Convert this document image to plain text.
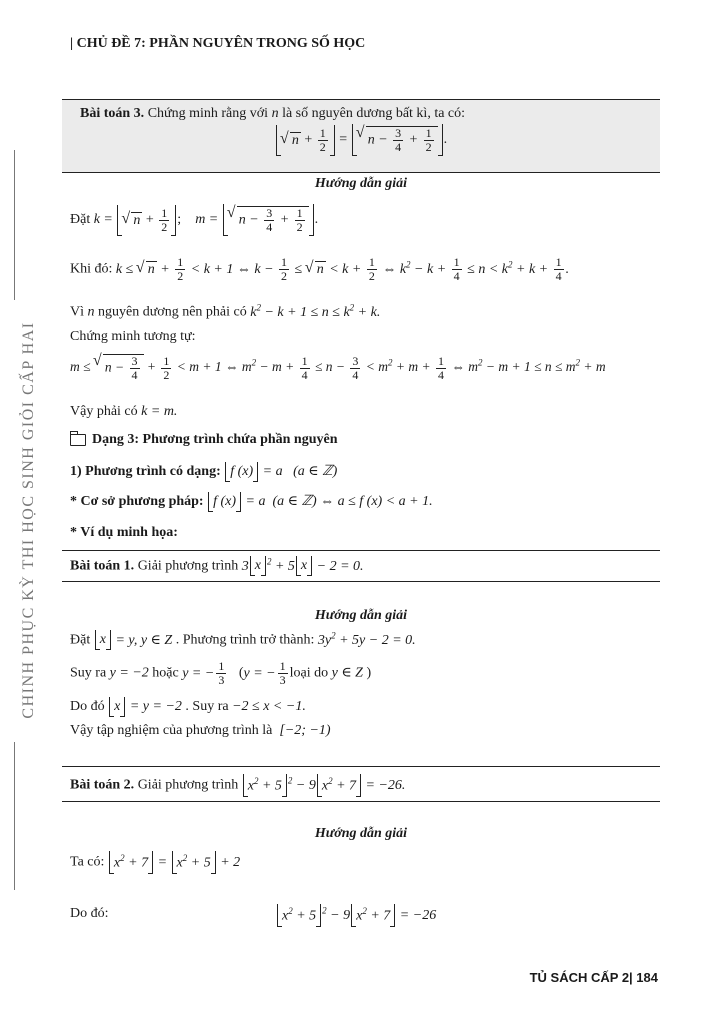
| CHỦ ĐỀ 7: PHẦN NGUYÊN TRONG SỐ HỌC
CHINH PHỤC KỲ THI HỌC SINH GIỎI CẤP HAI
Bài toán 3. Chứng minh rằng với n là số nguyên dương bất kì, ta có:
√ $n + \frac{1}{2}$ = √ $n - \frac{3}{4} + \frac{1}{2}$ .
Hướng dẫn giải
Đặt k = √ $n + \frac{1}{2}$ ;    m = √ $n - \frac{3}{4} + \frac{1}{2}$ .
Khi đó: k ≤ √ $n + \frac{1}{2} < k + 1$ ⇔ $k - \frac{1}{2}$ ≤ √ $n < k + \frac{1}{2}$ ⇔ $k^2 - k + \frac{1}{4} \le n < k^2 + k + \frac{1}{4}$ .
Vì n nguyên dương nên phải có $k^2 - k + 1 \le n \le k^2 + k$.
Chứng minh tương tự:
m ≤ √ $n - \frac{3}{4} + \frac{1}{2} < m + 1$ ⇔ $m^2 - m + \frac{1}{4} \le n - \frac{3}{4} < m^2 + m + \frac{1}{4}$ ⇔ $m^2 - m + 1 \le n \le m^2 + m$
Vậy phải có k = m.
Dạng 3: Phương trình chứa phần nguyên
1) Phương trình có dạng: f (x) = a   (a ∈ ℤ)
* Cơ sở phương pháp: f (x) = a  (a ∈ ℤ) ⇔ a ≤ f (x) < a + 1.
* Ví dụ minh họa:
Bài toán 1. Giải phương trình 3 x $^2$ + 5 x − 2 = 0.
Hướng dẫn giải
Đặt x = y, y ∈ Z . Phương trình trở thành: $3y^2 + 5y - 2 = 0$.
Suy ra y = −2 hoặc y = − $\frac{1}{3} (y$ = − $\frac{1}{3}$ loại do y ∈ Z )
Do đó x = y = −2 . Suy ra −2 ≤ x < −1.
Vậy tập nghiệm của phương trình là [−2; −1)
Bài toán 2. Giải phương trình $x^2 + 5$ $^2$ − 9 $x^2 + 7 = -26$.
Hướng dẫn giải
Ta có: $x^2 + 7 = x^2 + 5 + 2$
Do đó:	$x^2 + 5$ $^2$ − 9 $x^2 + 7 = -26$
TỦ SÁCH CẤP 2| 184
